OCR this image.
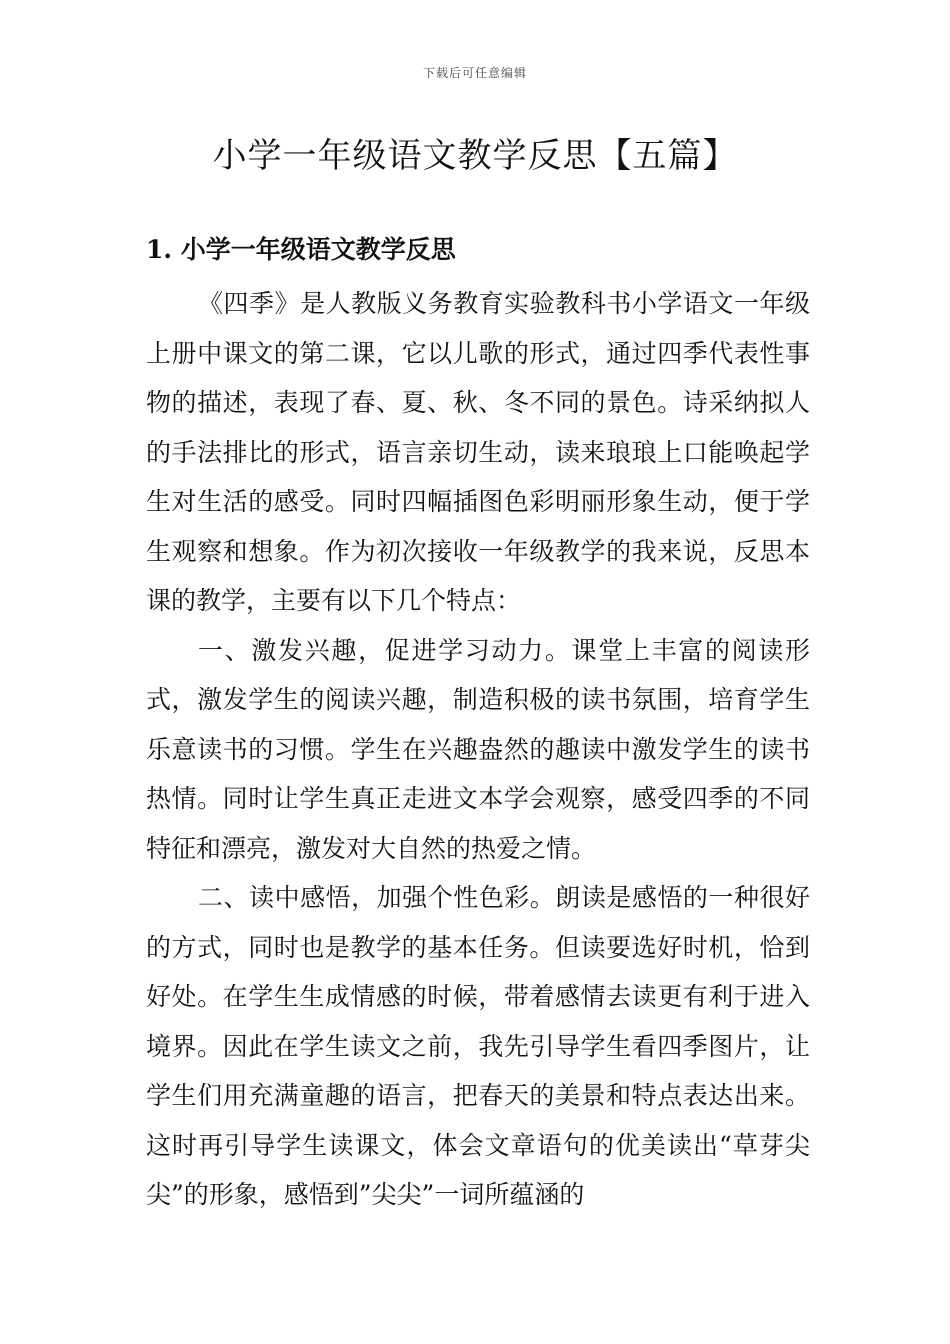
下载后可任意编辑
小学一年级语文教学反思【五篇】
1. 小学一年级语文教学反思

《四季》是人教版义务教育实验教科书小学语文一年级上册中课文的第二课，它以儿歌的形式，通过四季代表性事物的描述，表现了春、夏、秋、冬不同的景色。诗采纳拟人的手法排比的形式，语言亲切生动，读来琅琅上口能唤起学生对生活的感受。同时四幅插图色彩明丽形象生动，便于学生观察和想象。作为初次接收一年级教学的我来说，反思本课的教学，主要有以下几个特点：

一、激发兴趣，促进学习动力。课堂上丰富的阅读形式，激发学生的阅读兴趣，制造积极的读书氛围，培育学生乐意读书的习惯。学生在兴趣盎然的趣读中激发学生的读书热情。同时让学生真正走进文本学会观察，感受四季的不同特征和漂亮，激发对大自然的热爱之情。

二、读中感悟，加强个性色彩。朗读是感悟的一种很好的方式，同时也是教学的基本任务。但读要选好时机，恰到好处。在学生生成情感的时候，带着感情去读更有利于进入境界。因此在学生读文之前，我先引导学生看四季图片，让学生们用充满童趣的语言，把春天的美景和特点表达出来。这时再引导学生读课文，体会文章语句的优美读出“草芽尖尖”的形象，感悟到”尖尖”一词所蕴涵的
